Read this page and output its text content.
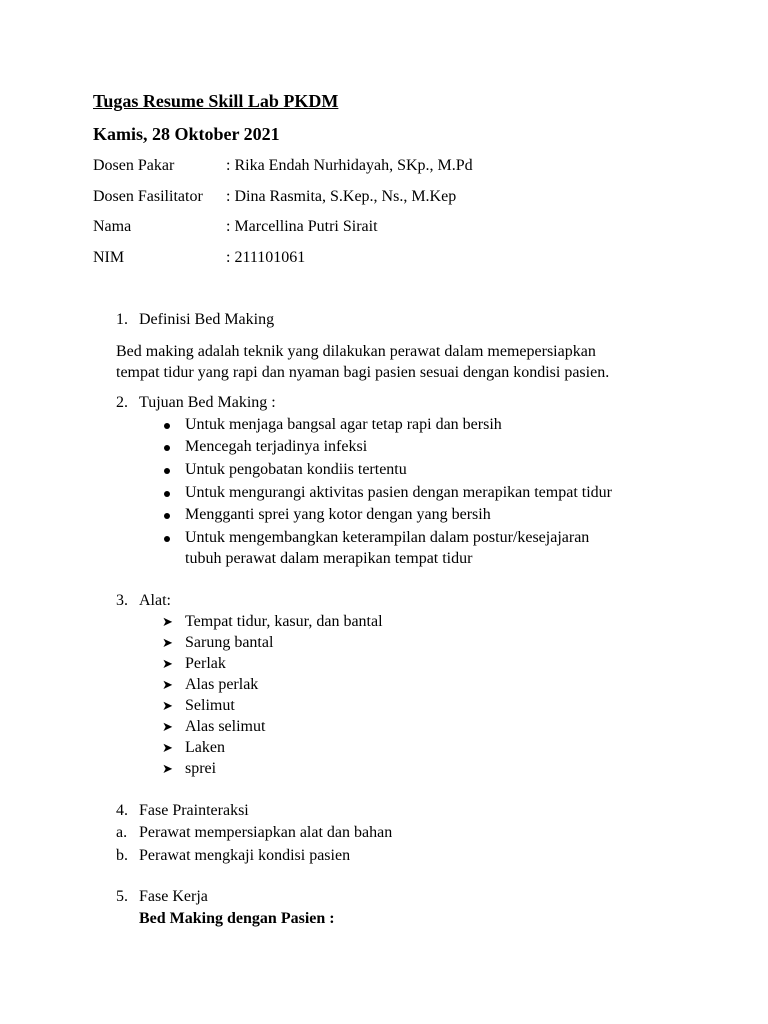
Tugas Resume Skill Lab PKDM
Kamis, 28 Oktober 2021
Dosen Pakar	: Rika Endah Nurhidayah, SKp., M.Pd
Dosen Fasilitator : Dina Rasmita, S.Kep., Ns., M.Kep
Nama	: Marcellina Putri Sirait
NIM	: 211101061
1. Definisi Bed Making
Bed making adalah teknik yang dilakukan perawat dalam memepersiapkan
tempat tidur yang rapi dan nyaman bagi pasien sesuai dengan kondisi pasien.
2. Tujuan Bed Making :
Untuk menjaga bangsal agar tetap rapi dan bersih
Mencegah terjadinya infeksi
Untuk pengobatan kondiis tertentu
Untuk mengurangi aktivitas pasien dengan merapikan tempat tidur
Mengganti sprei yang kotor dengan yang bersih
Untuk mengembangkan keterampilan dalam postur/kesejajaran
tubuh perawat dalam merapikan tempat tidur
3. Alat:
➤ Tempat tidur, kasur, dan bantal
➤ Sarung bantal
➤ Perlak
➤ Alas perlak
➤ Selimut
➤ Alas selimut
➤ Laken
➤ sprei
4. Fase Prainteraksi
a. Perawat mempersiapkan alat dan bahan
b. Perawat mengkaji kondisi pasien
5. Fase Kerja
Bed Making dengan Pasien :
